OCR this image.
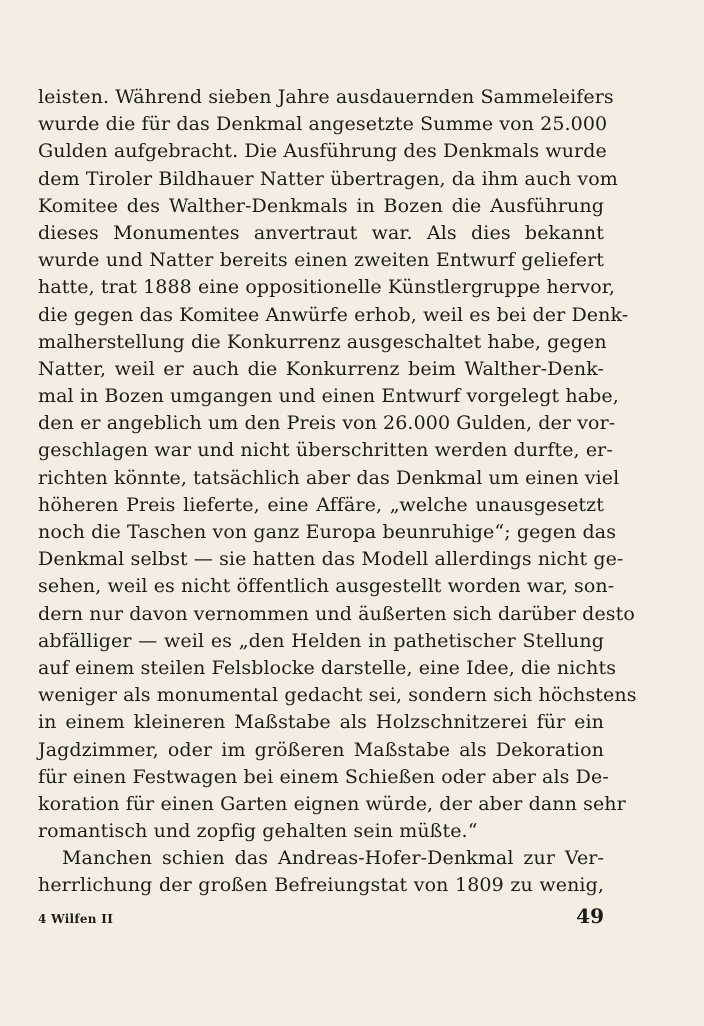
leisten. Während sieben Jahre ausdauernden Sammeleifers
wurde die für das Denkmal angesetzte Summe von 25.000
Gulden aufgebracht. Die Ausführung des Denkmals wurde
dem Tiroler Bildhauer Natter übertragen, da ihm auch vom
Komitee des Walther-Denkmals in Bozen die Ausführung
dieses Monumentes anvertraut war. Als dies bekannt
wurde und Natter bereits einen zweiten Entwurf geliefert
hatte, trat 1888 eine oppositionelle Künstlergruppe hervor,
die gegen das Komitee Anwürfe erhob, weil es bei der Denk-
malherstellung die Konkurrenz ausgeschaltet habe, gegen
Natter, weil er auch die Konkurrenz beim Walther-Denk-
mal in Bozen umgangen und einen Entwurf vorgelegt habe,
den er angeblich um den Preis von 26.000 Gulden, der vor-
geschlagen war und nicht überschritten werden durfte, er-
richten könnte, tatsächlich aber das Denkmal um einen viel
höheren Preis lieferte, eine Affäre, „welche unausgesetzt
noch die Taschen von ganz Europa beunruhige“; gegen das
Denkmal selbst — sie hatten das Modell allerdings nicht ge-
sehen, weil es nicht öffentlich ausgestellt worden war, son-
dern nur davon vernommen und äußerten sich darüber desto
abfälliger — weil es „den Helden in pathetischer Stellung
auf einem steilen Felsblocke darstelle, eine Idee, die nichts
weniger als monumental gedacht sei, sondern sich höchstens
in einem kleineren Maßstabe als Holzschnitzerei für ein
Jagdzimmer, oder im größeren Maßstabe als Dekoration
für einen Festwagen bei einem Schießen oder aber als De-
koration für einen Garten eignen würde, der aber dann sehr
romantisch und zopfig gehalten sein müßte.“
Manchen schien das Andreas-Hofer-Denkmal zur Ver-
herrlichung der großen Befreiungstat von 1809 zu wenig,
4 Wilfen II	49
